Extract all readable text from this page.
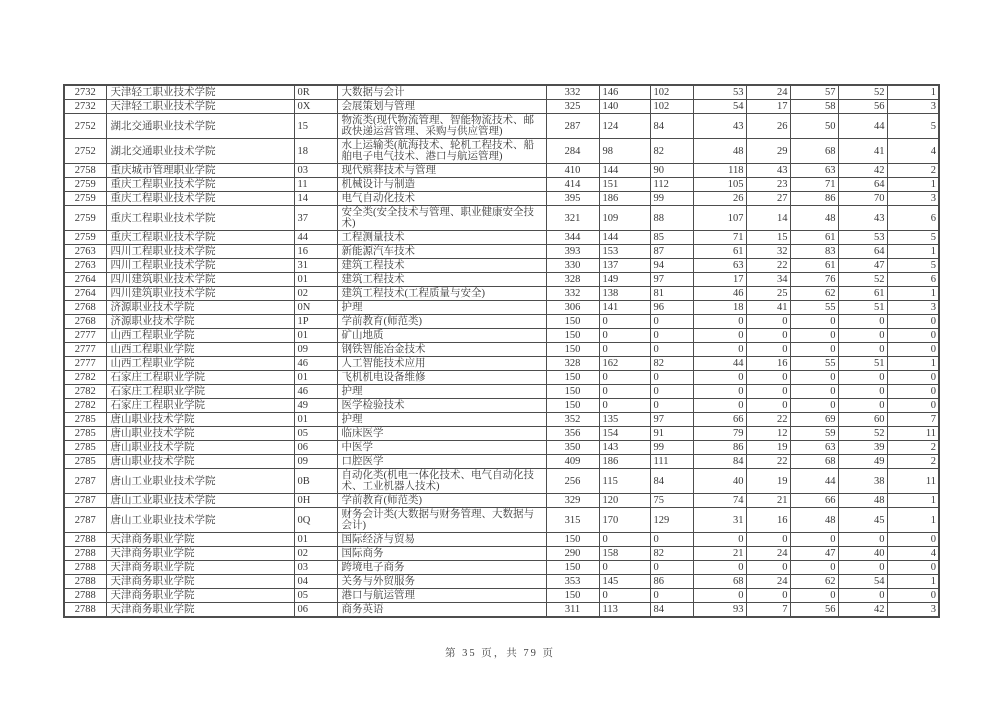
2732	天津轻工职业技术学院	0R	大数据与会计	332	146	102	53	24	57	52	1
2732	天津轻工职业技术学院	0X	会展策划与管理	325	140	102	54	17	58	56	3
2752	湖北交通职业技术学院	15	物流类(现代物流管理、智能物流技术、邮政快递运营管理、采购与供应管理)	287	124	84	43	26	50	44	5
2752	湖北交通职业技术学院	18	水上运输类(航海技术、轮机工程技术、船舶电子电气技术、港口与航运管理)	284	98	82	48	29	68	41	4
2758	重庆城市管理职业学院	03	现代殡葬技术与管理	410	144	90	118	43	63	42	2
2759	重庆工程职业技术学院	11	机械设计与制造	414	151	112	105	23	71	64	1
2759	重庆工程职业技术学院	14	电气自动化技术	395	186	99	26	27	86	70	3
2759	重庆工程职业技术学院	37	安全类(安全技术与管理、职业健康安全技术)	321	109	88	107	14	48	43	6
2759	重庆工程职业技术学院	44	工程测量技术	344	144	85	71	15	61	53	5
2763	四川工程职业技术学院	16	新能源汽车技术	393	153	87	61	32	83	64	1
2763	四川工程职业技术学院	31	建筑工程技术	330	137	94	63	22	61	47	5
2764	四川建筑职业技术学院	01	建筑工程技术	328	149	97	17	34	76	52	6
2764	四川建筑职业技术学院	02	建筑工程技术(工程质量与安全)	332	138	81	46	25	62	61	1
2768	济源职业技术学院	0N	护理	306	141	96	18	41	55	51	3
2768	济源职业技术学院	1P	学前教育(师范类)	150	0	0	0	0	0	0	0
2777	山西工程职业学院	01	矿山地质	150	0	0	0	0	0	0	0
2777	山西工程职业学院	09	钢铁智能冶金技术	150	0	0	0	0	0	0	0
2777	山西工程职业学院	46	人工智能技术应用	328	162	82	44	16	55	51	1
2782	石家庄工程职业学院	01	飞机机电设备维修	150	0	0	0	0	0	0	0
2782	石家庄工程职业学院	46	护理	150	0	0	0	0	0	0	0
2782	石家庄工程职业学院	49	医学检验技术	150	0	0	0	0	0	0	0
2785	唐山职业技术学院	01	护理	352	135	97	66	22	69	60	7
2785	唐山职业技术学院	05	临床医学	356	154	91	79	12	59	52	11
2785	唐山职业技术学院	06	中医学	350	143	99	86	19	63	39	2
2785	唐山职业技术学院	09	口腔医学	409	186	111	84	22	68	49	2
2787	唐山工业职业技术学院	0B	自动化类(机电一体化技术、电气自动化技术、工业机器人技术)	256	115	84	40	19	44	38	11
2787	唐山工业职业技术学院	0H	学前教育(师范类)	329	120	75	74	21	66	48	1
2787	唐山工业职业技术学院	0Q	财务会计类(大数据与财务管理、大数据与会计)	315	170	129	31	16	48	45	1
2788	天津商务职业学院	01	国际经济与贸易	150	0	0	0	0	0	0	0
2788	天津商务职业学院	02	国际商务	290	158	82	21	24	47	40	4
2788	天津商务职业学院	03	跨境电子商务	150	0	0	0	0	0	0	0
2788	天津商务职业学院	04	关务与外贸服务	353	145	86	68	24	62	54	1
2788	天津商务职业学院	05	港口与航运管理	150	0	0	0	0	0	0	0
2788	天津商务职业学院	06	商务英语	311	113	84	93	7	56	42	3
第 35 页，共 79 页
